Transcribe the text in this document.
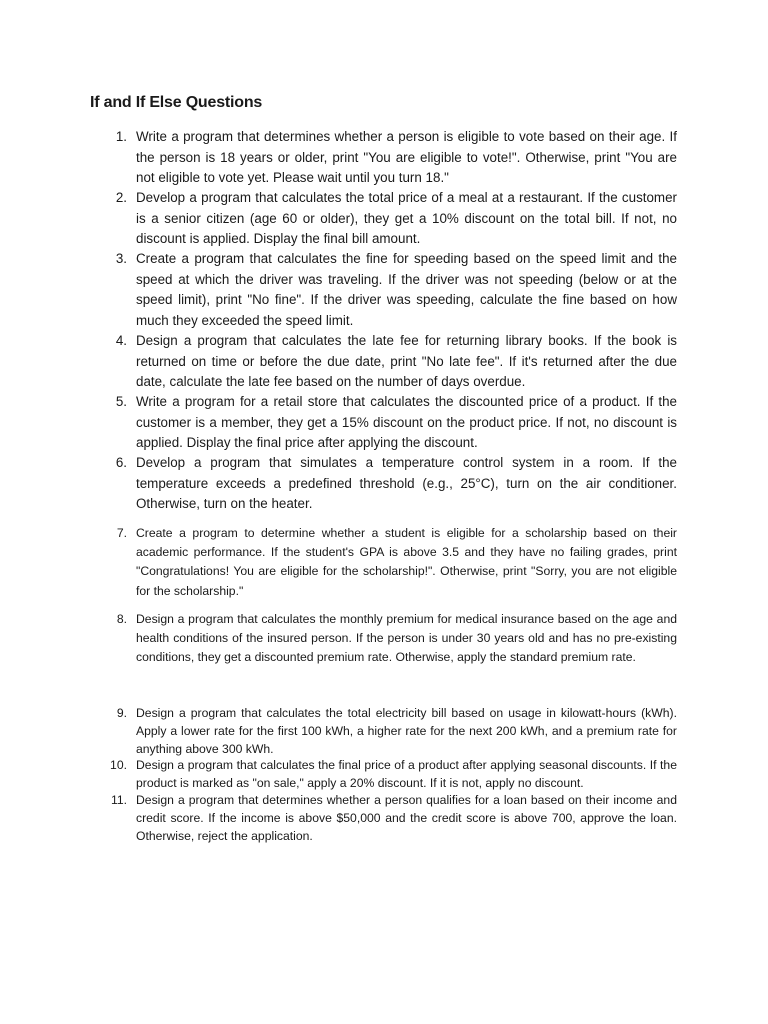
If and If Else Questions
1. Write a program that determines whether a person is eligible to vote based on their age. If the person is 18 years or older, print "You are eligible to vote!". Otherwise, print "You are not eligible to vote yet. Please wait until you turn 18."

2. Develop a program that calculates the total price of a meal at a restaurant. If the customer is a senior citizen (age 60 or older), they get a 10% discount on the total bill. If not, no discount is applied. Display the final bill amount.

3. Create a program that calculates the fine for speeding based on the speed limit and the speed at which the driver was traveling. If the driver was not speeding (below or at the speed limit), print "No fine". If the driver was speeding, calculate the fine based on how much they exceeded the speed limit.

4. Design a program that calculates the late fee for returning library books. If the book is returned on time or before the due date, print "No late fee". If it's returned after the due date, calculate the late fee based on the number of days overdue.

5. Write a program for a retail store that calculates the discounted price of a product. If the customer is a member, they get a 15% discount on the product price. If not, no discount is applied. Display the final price after applying the discount.

6. Develop a program that simulates a temperature control system in a room. If the temperature exceeds a predefined threshold (e.g., 25°C), turn on the air conditioner. Otherwise, turn on the heater.

7. Create a program to determine whether a student is eligible for a scholarship based on their academic performance. If the student's GPA is above 3.5 and they have no failing grades, print "Congratulations! You are eligible for the scholarship!". Otherwise, print "Sorry, you are not eligible for the scholarship."

8. Design a program that calculates the monthly premium for medical insurance based on the age and health conditions of the insured person. If the person is under 30 years old and has no pre-existing conditions, they get a discounted premium rate. Otherwise, apply the standard premium rate.

9. Design a program that calculates the total electricity bill based on usage in kilowatt-hours (kWh). Apply a lower rate for the first 100 kWh, a higher rate for the next 200 kWh, and a premium rate for anything above 300 kWh.

10. Design a program that calculates the final price of a product after applying seasonal discounts. If the product is marked as "on sale," apply a 20% discount. If it is not, apply no discount.

11. Design a program that determines whether a person qualifies for a loan based on their income and credit score. If the income is above $50,000 and the credit score is above 700, approve the loan. Otherwise, reject the application.
